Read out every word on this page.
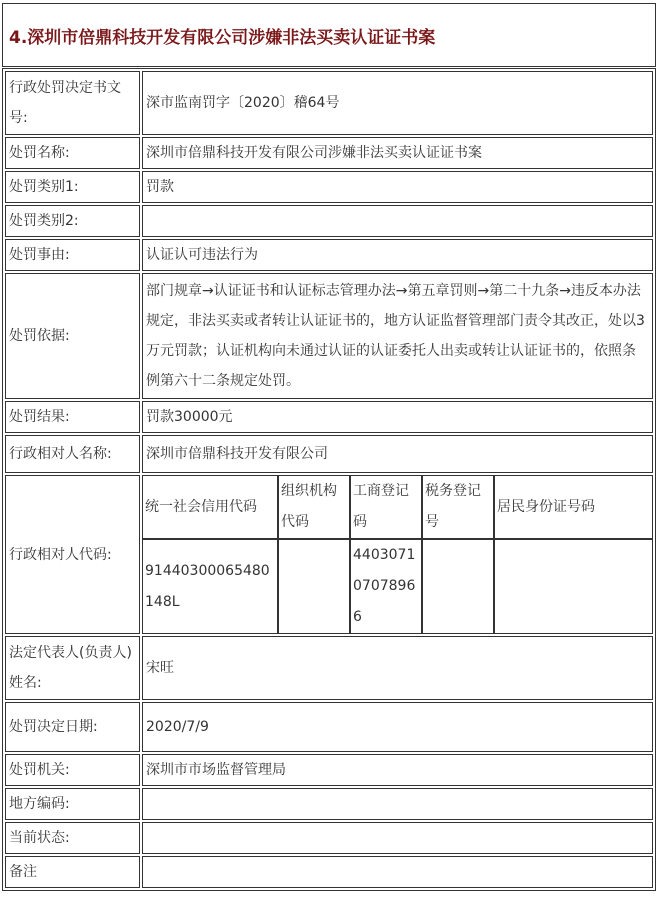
4.深圳市倍鼎科技开发有限公司涉嫌非法买卖认证证书案
行政处罚决定书文号:	深市监南罚字〔2020〕稽64号
处罚名称:	深圳市倍鼎科技开发有限公司涉嫌非法买卖认证证书案
处罚类别1:	罚款
处罚类别2:	
处罚事由:	认证认可违法行为
处罚依据:	部门规章→认证证书和认证标志管理办法→第五章罚则→第二十九条→违反本办法规定，非法买卖或者转让认证证书的，地方认证监督管理部门责令其改正，处以3万元罚款；认证机构向未通过认证的认证委托人出卖或转让认证证书的，依照条例第六十二条规定处罚。
处罚结果:	罚款30000元
行政相对人名称:	深圳市倍鼎科技开发有限公司
行政相对人代码:	
统一社会信用代码	组织机构代码	工商登记码	税务登记号	居民身份证号码
91440300065480148L		440307107078966		

法定代表人(负责人)姓名:	宋旺
处罚决定日期:	2020/7/9
处罚机关:	深圳市市场监督管理局
地方编码:	
当前状态:	
备注	
